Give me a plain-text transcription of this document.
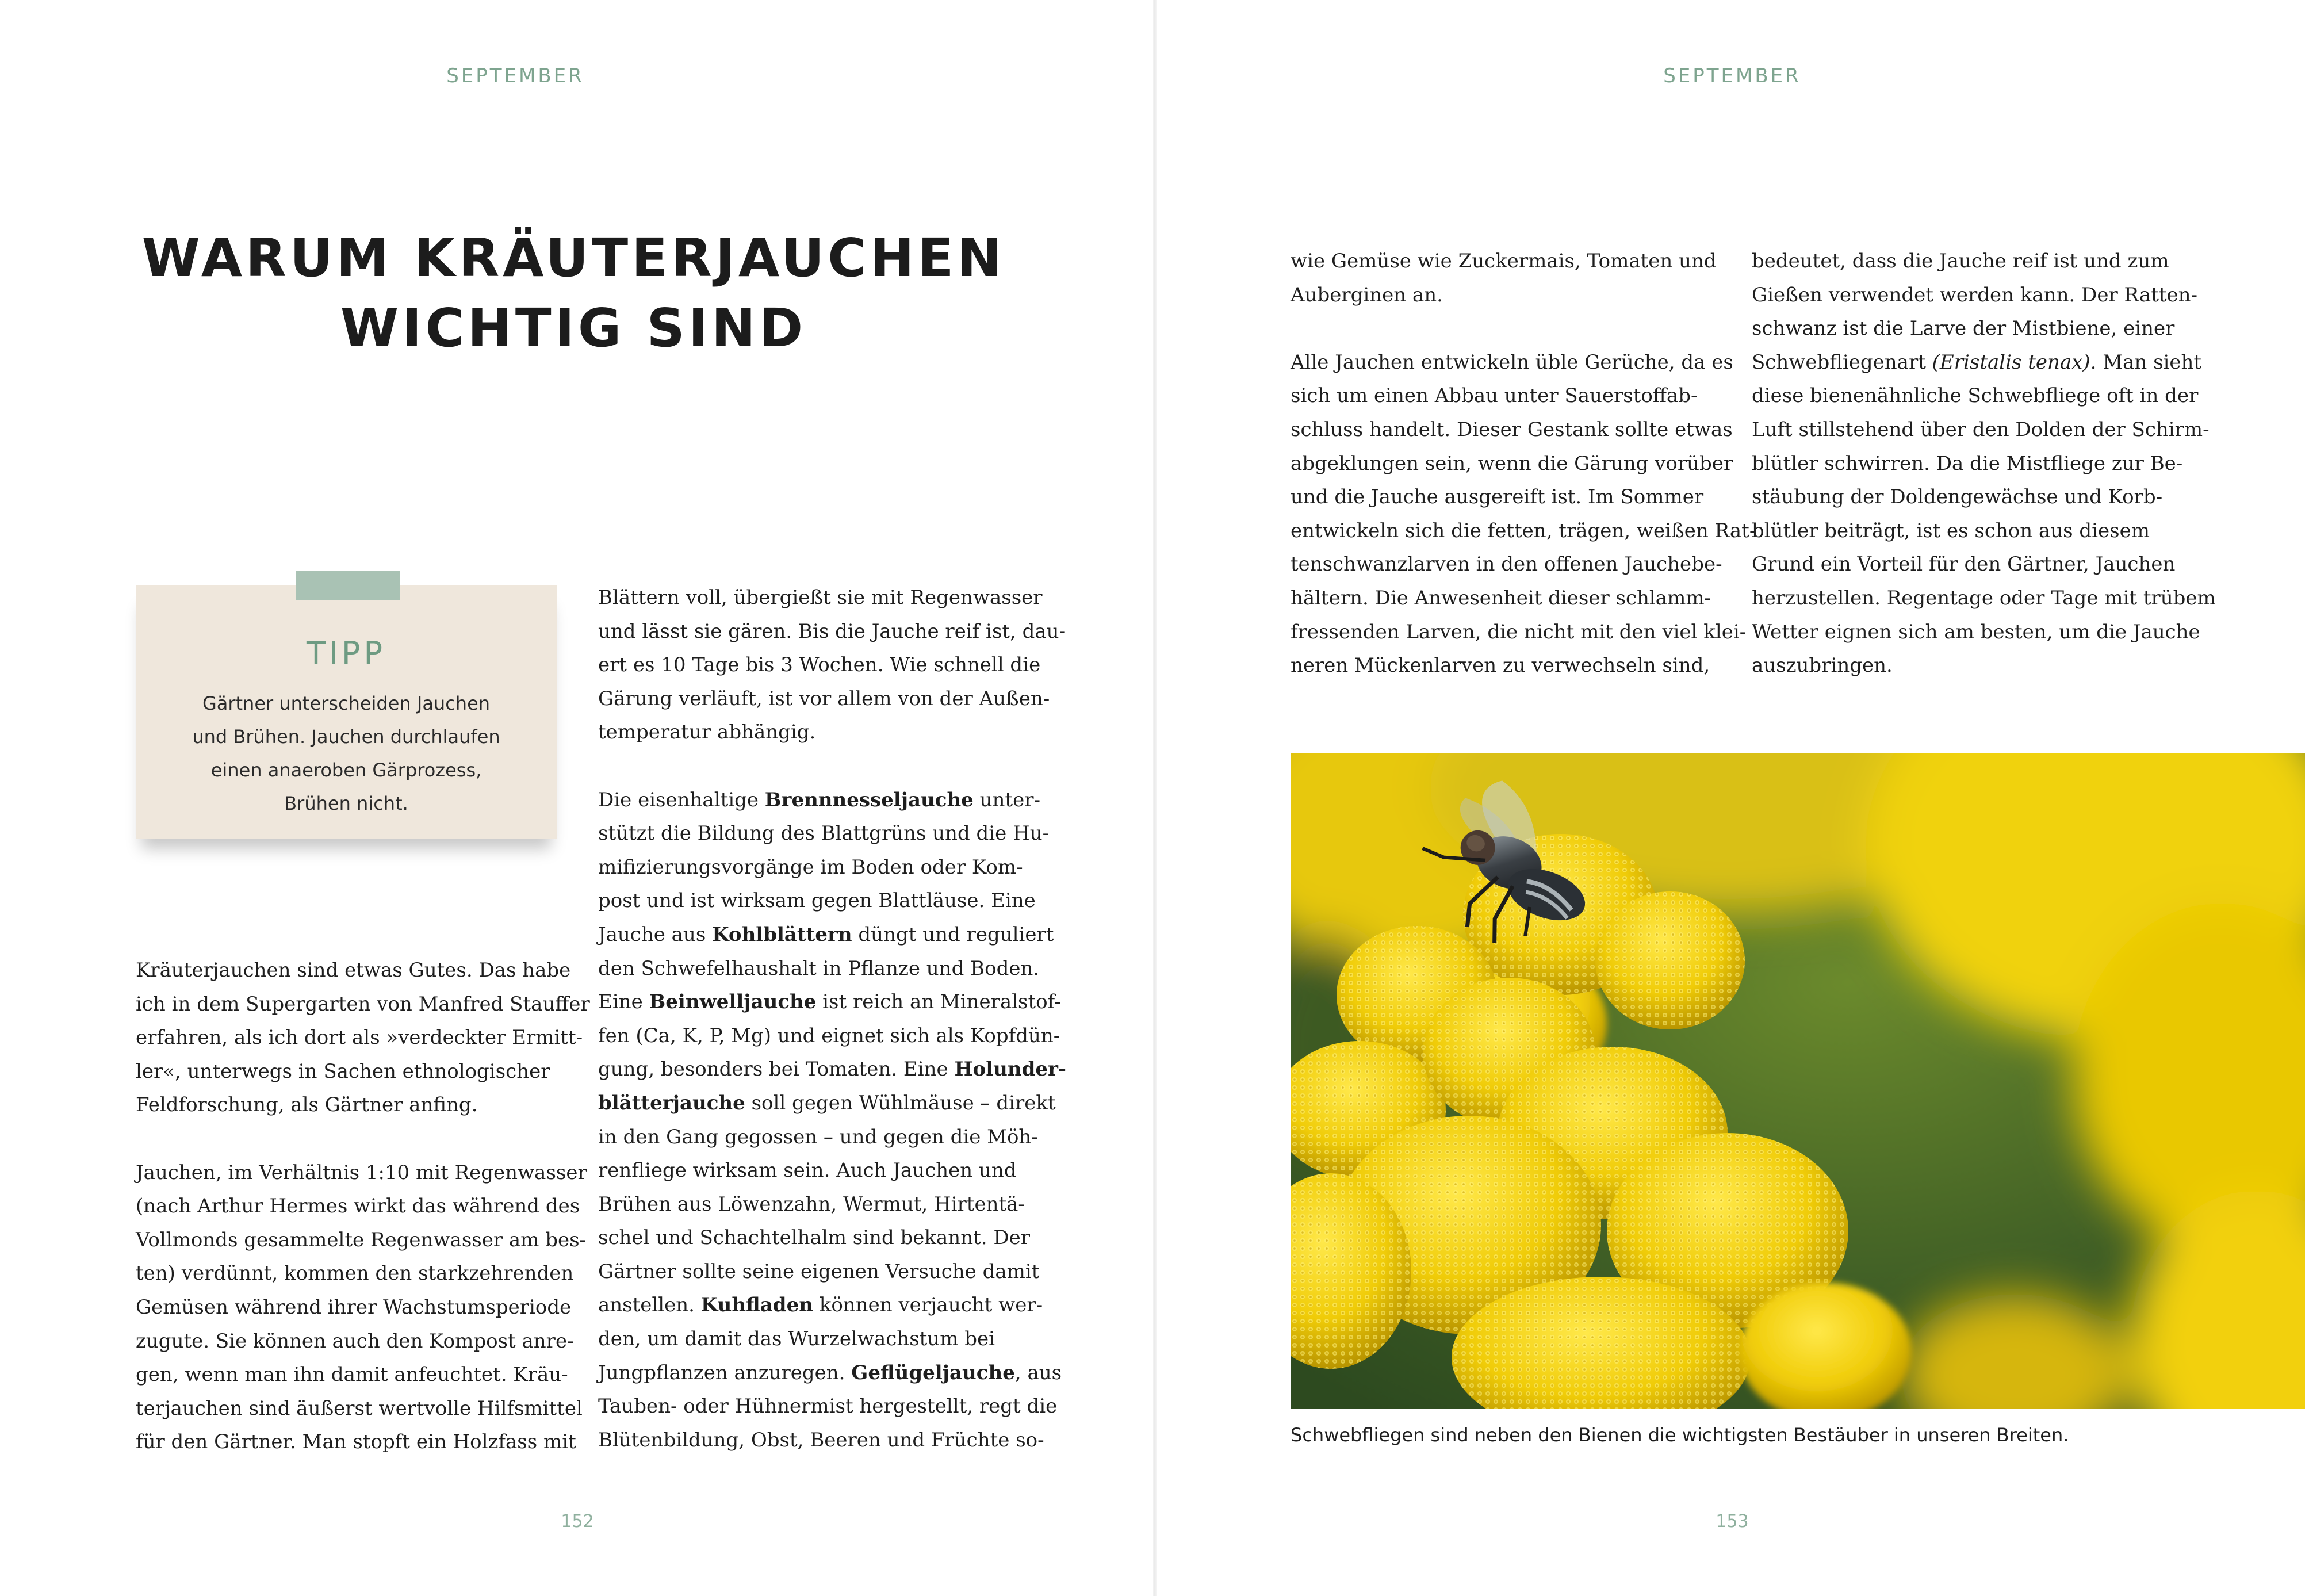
SEPTEMBER
WARUM KRÄUTERJAUCHEN
WICHTIG SIND
TIPP
Gärtner unterscheiden Jauchen
und Brühen. Jauchen durchlaufen
einen anaeroben Gärprozess,
Brühen nicht.

Kräuterjauchen sind etwas Gutes. Das habe
ich in dem Supergarten von Manfred Stauffer
erfahren, als ich dort als »verdeckter Ermitt-
ler«, unterwegs in Sachen ethnologischer
Feldforschung, als Gärtner anfing.

Jauchen, im Verhältnis 1:10 mit Regenwasser
(nach Arthur Hermes wirkt das während des
Vollmonds gesammelte Regenwasser am bes-
ten) verdünnt, kommen den starkzehrenden
Gemüsen während ihrer Wachstumsperiode
zugute. Sie können auch den Kompost anre-
gen, wenn man ihn damit anfeuchtet. Kräu-
terjauchen sind äußerst wertvolle Hilfsmittel
für den Gärtner. Man stopft ein Holzfass mit

Blättern voll, übergießt sie mit Regenwasser
und lässt sie gären. Bis die Jauche reif ist, dau-
ert es 10 Tage bis 3 Wochen. Wie schnell die
Gärung verläuft, ist vor allem von der Außen-
temperatur abhängig.

Die eisenhaltige Brennnesseljauche unter-
stützt die Bildung des Blattgrüns und die Hu-
mifizierungsvorgänge im Boden oder Kom-
post und ist wirksam gegen Blattläuse. Eine
Jauche aus Kohlblättern düngt und reguliert
den Schwefelhaushalt in Pflanze und Boden.
Eine Beinwelljauche ist reich an Mineralstof-
fen (Ca, K, P, Mg) und eignet sich als Kopfdün-
gung, besonders bei Tomaten. Eine Holunder-
blätterjauche soll gegen Wühlmäuse – direkt
in den Gang gegossen – und gegen die Möh-
renfliege wirksam sein. Auch Jauchen und
Brühen aus Löwenzahn, Wermut, Hirtentä-
schel und Schachtelhalm sind bekannt. Der
Gärtner sollte seine eigenen Versuche damit
anstellen. Kuhfladen können verjaucht wer-
den, um damit das Wurzelwachstum bei
Jungpflanzen anzuregen. Geflügeljauche, aus
Tauben- oder Hühnermist hergestellt, regt die
Blütenbildung, Obst, Beeren und Früchte so-

152
SEPTEMBER

wie Gemüse wie Zuckermais, Tomaten und
Auberginen an.

Alle Jauchen entwickeln üble Gerüche, da es
sich um einen Abbau unter Sauerstoffab-
schluss handelt. Dieser Gestank sollte etwas
abgeklungen sein, wenn die Gärung vorüber
und die Jauche ausgereift ist. Im Sommer
entwickeln sich die fetten, trägen, weißen Rat-
tenschwanzlarven in den offenen Jauchebe-
hältern. Die Anwesenheit dieser schlamm-
fressenden Larven, die nicht mit den viel klei-
neren Mückenlarven zu verwechseln sind,

bedeutet, dass die Jauche reif ist und zum
Gießen verwendet werden kann. Der Ratten-
schwanz ist die Larve der Mistbiene, einer
Schwebfliegenart (Eristalis tenax). Man sieht
diese bienenähnliche Schwebfliege oft in der
Luft stillstehend über den Dolden der Schirm-
blütler schwirren. Da die Mistfliege zur Be-
stäubung der Doldengewächse und Korb-
blütler beiträgt, ist es schon aus diesem
Grund ein Vorteil für den Gärtner, Jauchen
herzustellen. Regentage oder Tage mit trübem
Wetter eignen sich am besten, um die Jauche
auszubringen.

Schwebfliegen sind neben den Bienen die wichtigsten Bestäuber in unseren Breiten.
153
